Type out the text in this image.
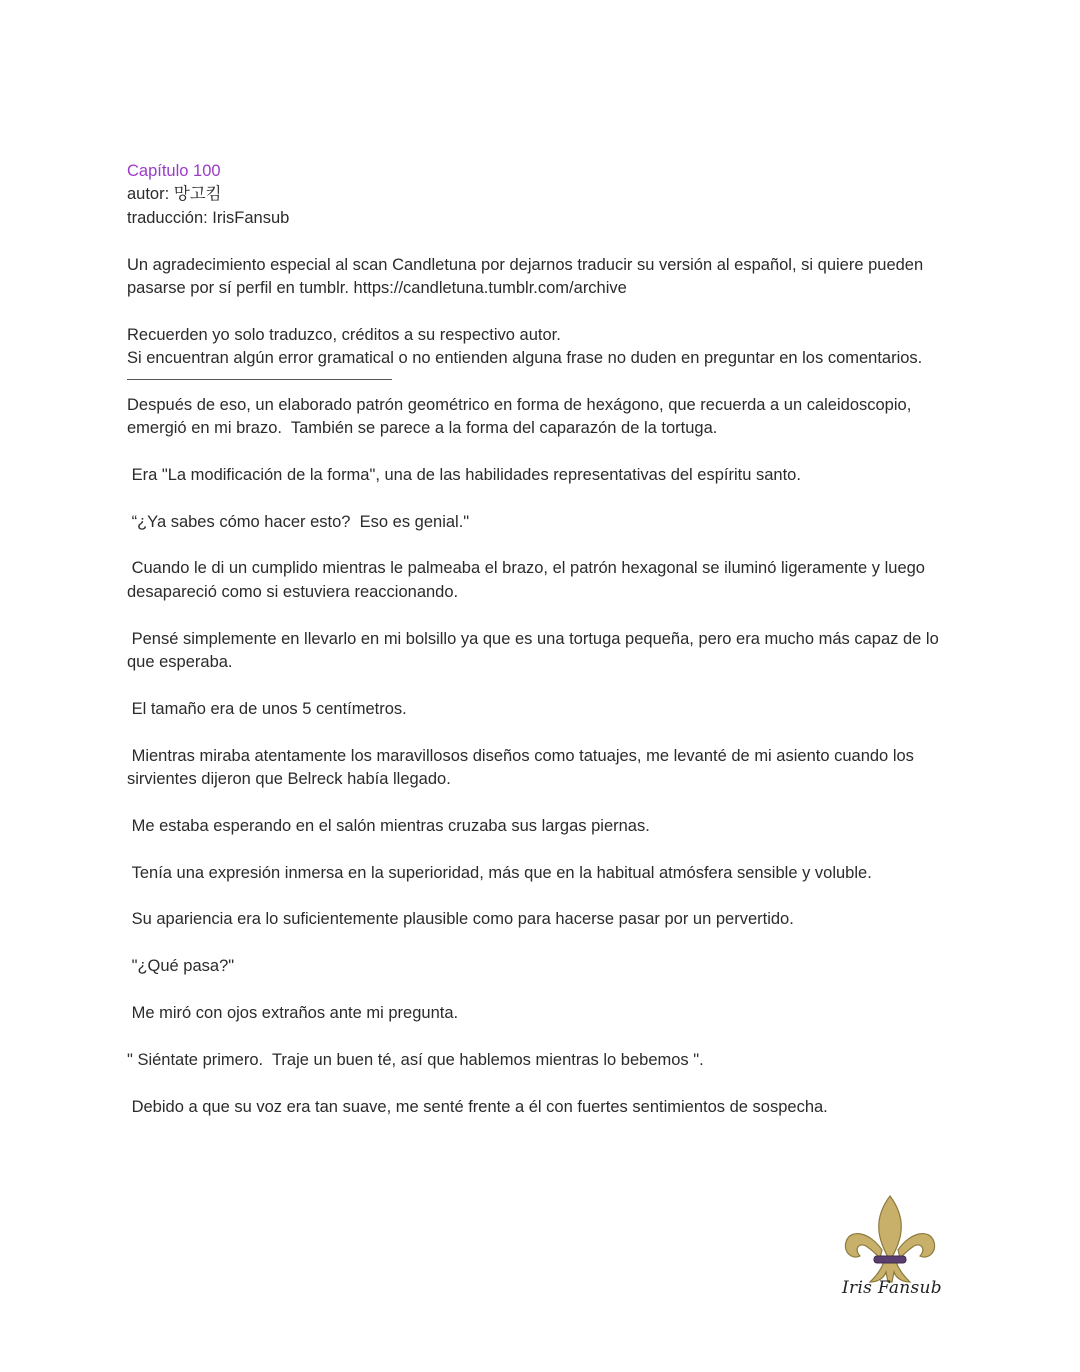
Capítulo 100
autor: 망고킴
traducción: IrisFansub

Un agradecimiento especial al scan Candletuna por dejarnos traducir su versión al español, si quiere pueden pasarse por sí perfil en tumblr. https://candletuna.tumblr.com/archive

Recuerden yo solo traduzco, créditos a su respectivo autor.

Si encuentran algún error gramatical o no entienden alguna frase no duden en preguntar en los comentarios.

Después de eso, un elaborado patrón geométrico en forma de hexágono, que recuerda a un caleidoscopio, emergió en mi brazo.  También se parece a la forma del caparazón de la tortuga.

Era "La modificación de la forma", una de las habilidades representativas del espíritu santo.

“¿Ya sabes cómo hacer esto?  Eso es genial."

Cuando le di un cumplido mientras le palmeaba el brazo, el patrón hexagonal se iluminó ligeramente y luego desapareció como si estuviera reaccionando.

Pensé simplemente en llevarlo en mi bolsillo ya que es una tortuga pequeña, pero era mucho más capaz de lo que esperaba.

El tamaño era de unos 5 centímetros.

Mientras miraba atentamente los maravillosos diseños como tatuajes, me levanté de mi asiento cuando los sirvientes dijeron que Belreck había llegado.

Me estaba esperando en el salón mientras cruzaba sus largas piernas.

Tenía una expresión inmersa en la superioridad, más que en la habitual atmósfera sensible y voluble.

Su apariencia era lo suficientemente plausible como para hacerse pasar por un pervertido.

"¿Qué pasa?"

Me miró con ojos extraños ante mi pregunta.

" Siéntate primero.  Traje un buen té, así que hablemos mientras lo bebemos ".

Debido a que su voz era tan suave, me senté frente a él con fuertes sentimientos de sospecha.

Iris Fansub
